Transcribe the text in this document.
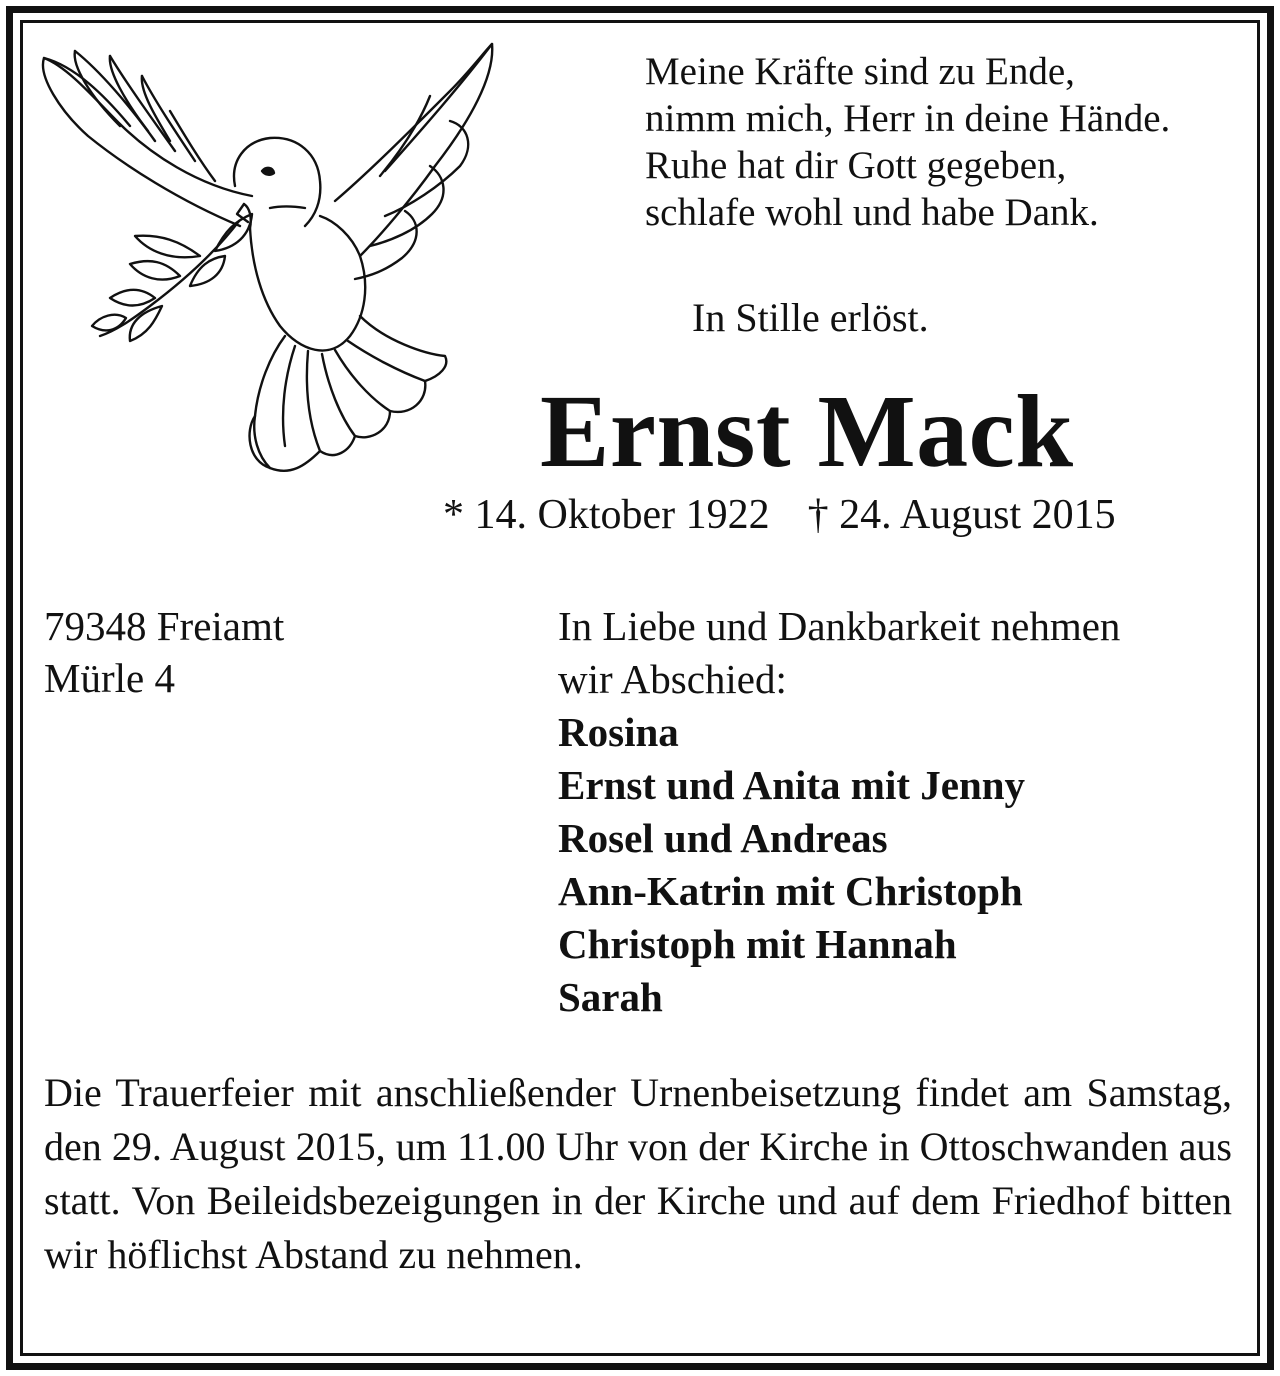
Meine Kräfte sind zu Ende,
nimm mich, Herr in deine Hände.
Ruhe hat dir Gott gegeben,
schlafe wohl und habe Dank.
In Stille erlöst.
Ernst Mack
* 14. Oktober 1922 † 24. August 2015
79348 Freiamt
Mürle 4
In Liebe und Dankbarkeit nehmen
wir Abschied:
Rosina
Ernst und Anita mit Jenny
Rosel und Andreas
Ann-Katrin mit Christoph
Christoph mit Hannah
Sarah
Die Trauerfeier mit anschließender Urnenbeisetzung findet am Samstag, den 29. August 2015, um 11.00 Uhr von der Kirche in Ottoschwanden aus statt. Von Beileidsbezeigungen in der Kirche und auf dem Friedhof bitten wir höflichst Abstand zu nehmen.
